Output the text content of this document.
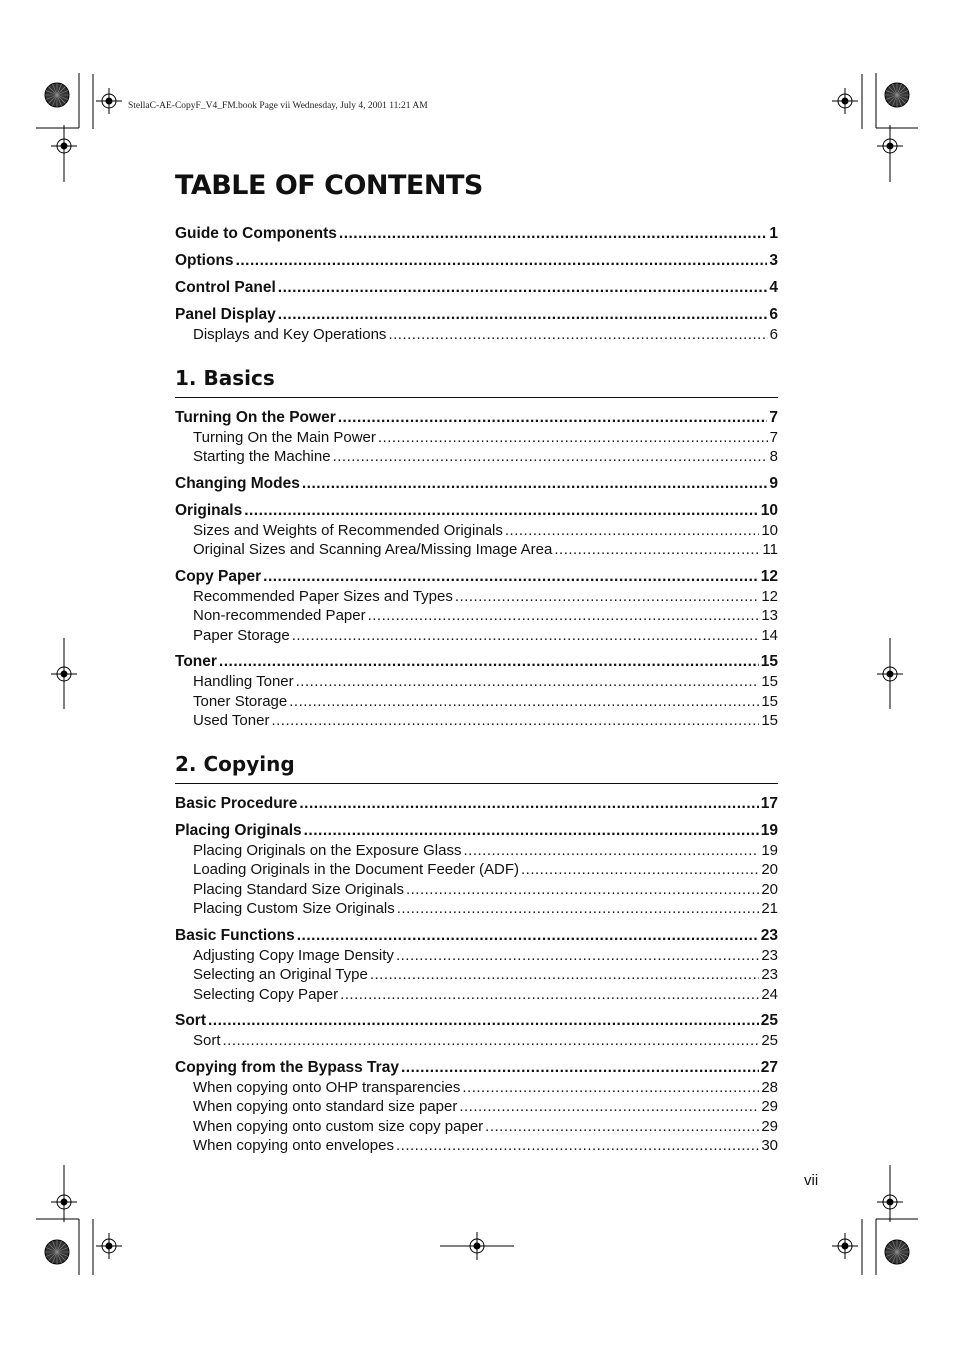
StellaC-AE-CopyF_V4_FM.book Page vii Wednesday, July 4, 2001 11:21 AM
TABLE OF CONTENTS
Guide to Components .....	1
Options .....	3
Control Panel .....	4
Panel Display .....	6
Displays and Key Operations .....	6
1. Basics
Turning On the Power .....	7
Turning On the Main Power .....	7
Starting the Machine .....	8
Changing Modes .....	9
Originals .....	10
Sizes and Weights of Recommended Originals .....	10
Original Sizes and Scanning Area/Missing Image Area .....	11
Copy Paper .....	12
Recommended Paper Sizes and Types .....	12
Non-recommended Paper .....	13
Paper Storage .....	14
Toner .....	15
Handling Toner .....	15
Toner Storage .....	15
Used Toner .....	15
2. Copying
Basic Procedure .....	17
Placing Originals .....	19
Placing Originals on the Exposure Glass .....	19
Loading Originals in the Document Feeder (ADF) .....	20
Placing Standard Size Originals .....	20
Placing Custom Size Originals .....	21
Basic Functions .....	23
Adjusting Copy Image Density .....	23
Selecting an Original Type .....	23
Selecting Copy Paper .....	24
Sort .....	25
Sort .....	25
Copying from the Bypass Tray .....	27
When copying onto OHP transparencies .....	28
When copying onto standard size paper .....	29
When copying onto custom size copy paper .....	29
When copying onto envelopes .....	30
vii
